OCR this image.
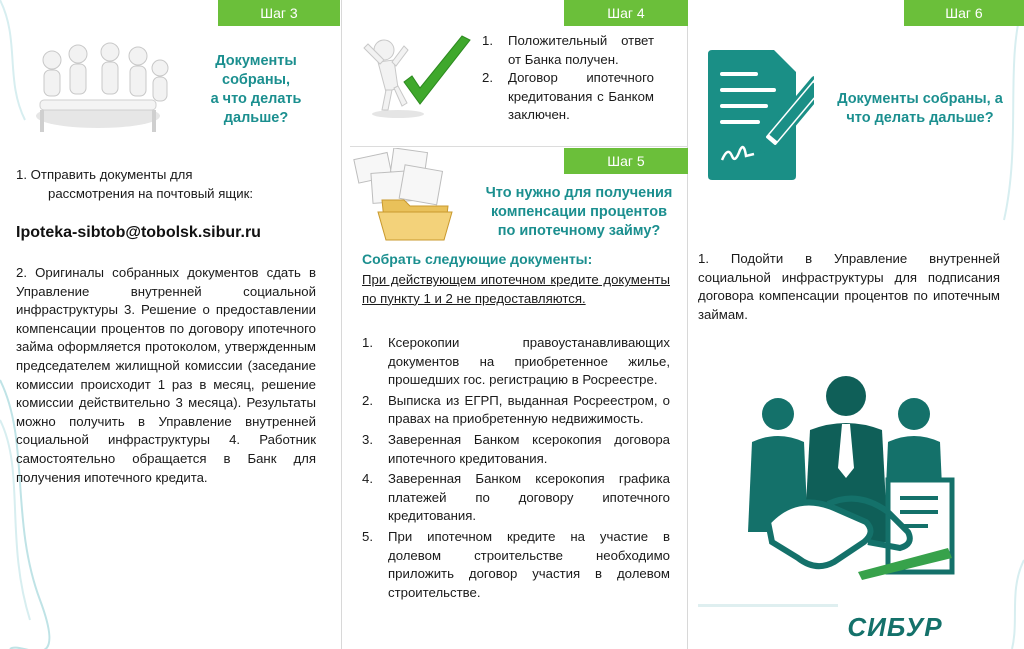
Шаг 3
Документы
собраны,
а что делать
дальше?
1. Отправить документы для
рассмотрения на почтовый ящик:
Ipoteka-sibtob@tobolsk.sibur.ru
2. Оригиналы собранных документов сдать в Управление внутренней социальной инфраструктуры 3. Решение о предоставлении компенсации процентов по договору ипотечного займа оформляется протоколом, утвержденным председателем жилищной комиссии (заседание комиссии происходит 1 раз в месяц, решение комиссии действительно 3 месяца). Результаты можно получить в Управление внутренней социальной инфраструктуры 4. Работник самостоятельно обращается в Банк для получения ипотечного кредита.
Шаг 4
1. Положительный ответ от Банка получен.
2. Договор ипотечного кредитования с Банком заключен.
Шаг 5
Что нужно для получения
компенсации процентов
по ипотечному займу?
Собрать следующие документы:
При действующем ипотечном кредите документы по пункту 1 и 2 не предоставляются.
1. Ксерокопии правоустанавливающих документов на приобретенное жилье, прошедших гос. регистрацию в Росреестре.
2. Выписка из ЕГРП, выданная Росреестром, о правах на приобретенную недвижимость.
3. Заверенная Банком ксерокопия договора ипотечного кредитования.
4. Заверенная Банком ксерокопия графика платежей по договору ипотечного кредитования.
5. При ипотечном кредите на участие в долевом строительстве необходимо приложить договор участия в долевом строительстве.
Шаг 6
Документы собраны, а
что делать дальше?
1. Подойти в Управление внутренней социальной инфраструктуры для подписания договора компенсации процентов по ипотечным займам.
СИБУР
